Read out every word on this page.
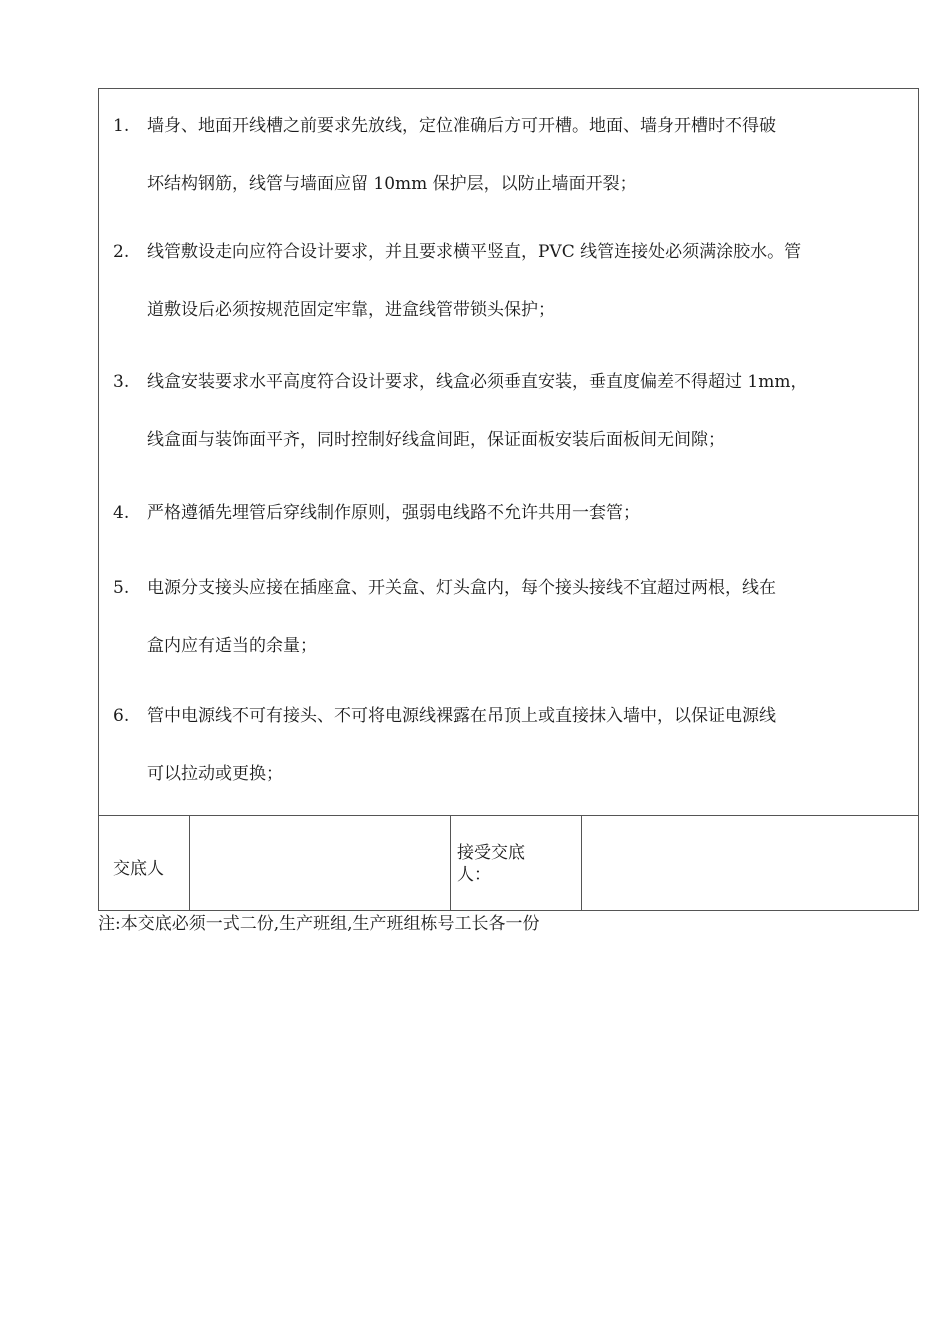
1.	墙身、地面开线槽之前要求先放线，定位准确后方可开槽。地面、墙身开槽时不得破
坏结构钢筋，线管与墙面应留 10mm 保护层，以防止墙面开裂；
2.	线管敷设走向应符合设计要求，并且要求横平竖直，PVC 线管连接处必须满涂胶水。管
道敷设后必须按规范固定牢靠，进盒线管带锁头保护；
3.	线盒安装要求水平高度符合设计要求，线盒必须垂直安装，垂直度偏差不得超过 1mm，
线盒面与装饰面平齐，同时控制好线盒间距，保证面板安装后面板间无间隙；
4.	严格遵循先埋管后穿线制作原则，强弱电线路不允许共用一套管；
5.	电源分支接头应接在插座盒、开关盒、灯头盒内，每个接头接线不宜超过两根，线在
盒内应有适当的余量；
6.	管中电源线不可有接头、不可将电源线裸露在吊顶上或直接抹入墙中，以保证电源线
可以拉动或更换；
交底人
接受交底人：
注:本交底必须一式二份,生产班组,生产班组栋号工长各一份
